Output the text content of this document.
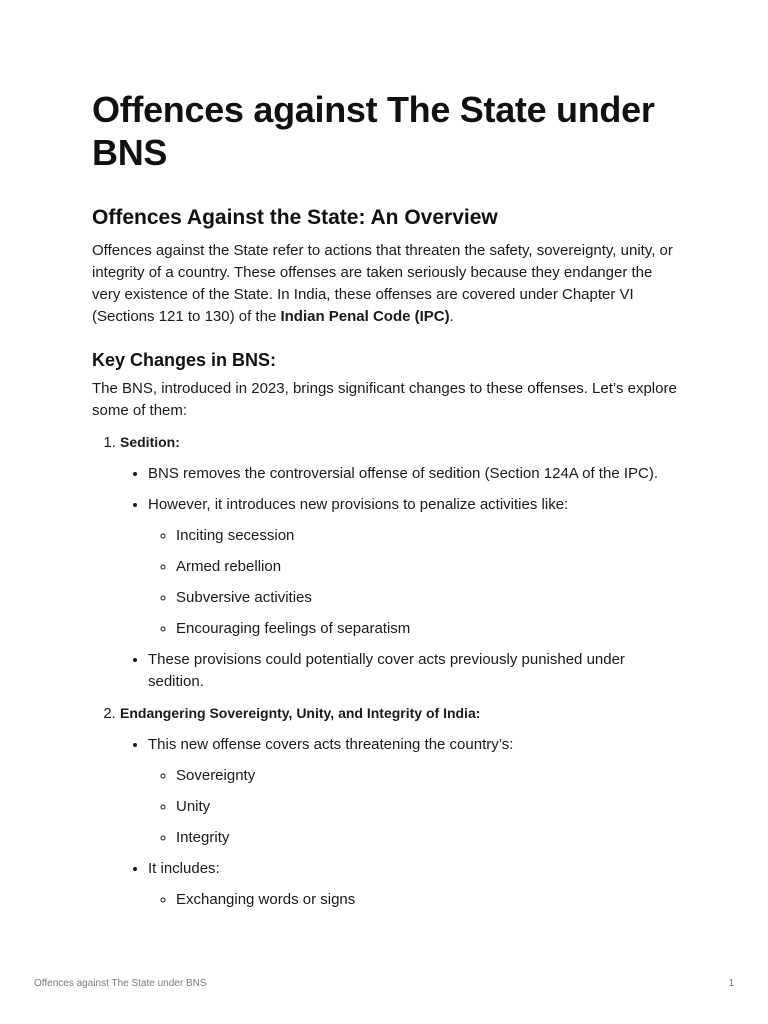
Offences against The State under BNS
Offences Against the State: An Overview

Offences against the State refer to actions that threaten the safety, sovereignty, unity, or integrity of a country. These offenses are taken seriously because they endanger the very existence of the State. In India, these offenses are covered under Chapter VI (Sections 121 to 130) of the Indian Penal Code (IPC).

Key Changes in BNS:

The BNS, introduced in 2023, brings significant changes to these offenses. Let’s explore some of them:

1. Sedition:
• BNS removes the controversial offense of sedition (Section 124A of the IPC).
• However, it introduces new provisions to penalize activities like:
◦ Inciting secession
◦ Armed rebellion
◦ Subversive activities
◦ Encouraging feelings of separatism
• These provisions could potentially cover acts previously punished under sedition.
2. Endangering Sovereignty, Unity, and Integrity of India:
• This new offense covers acts threatening the country’s:
◦ Sovereignty
◦ Unity
◦ Integrity
• It includes:
◦ Exchanging words or signs
Offences against The State under BNS	1
